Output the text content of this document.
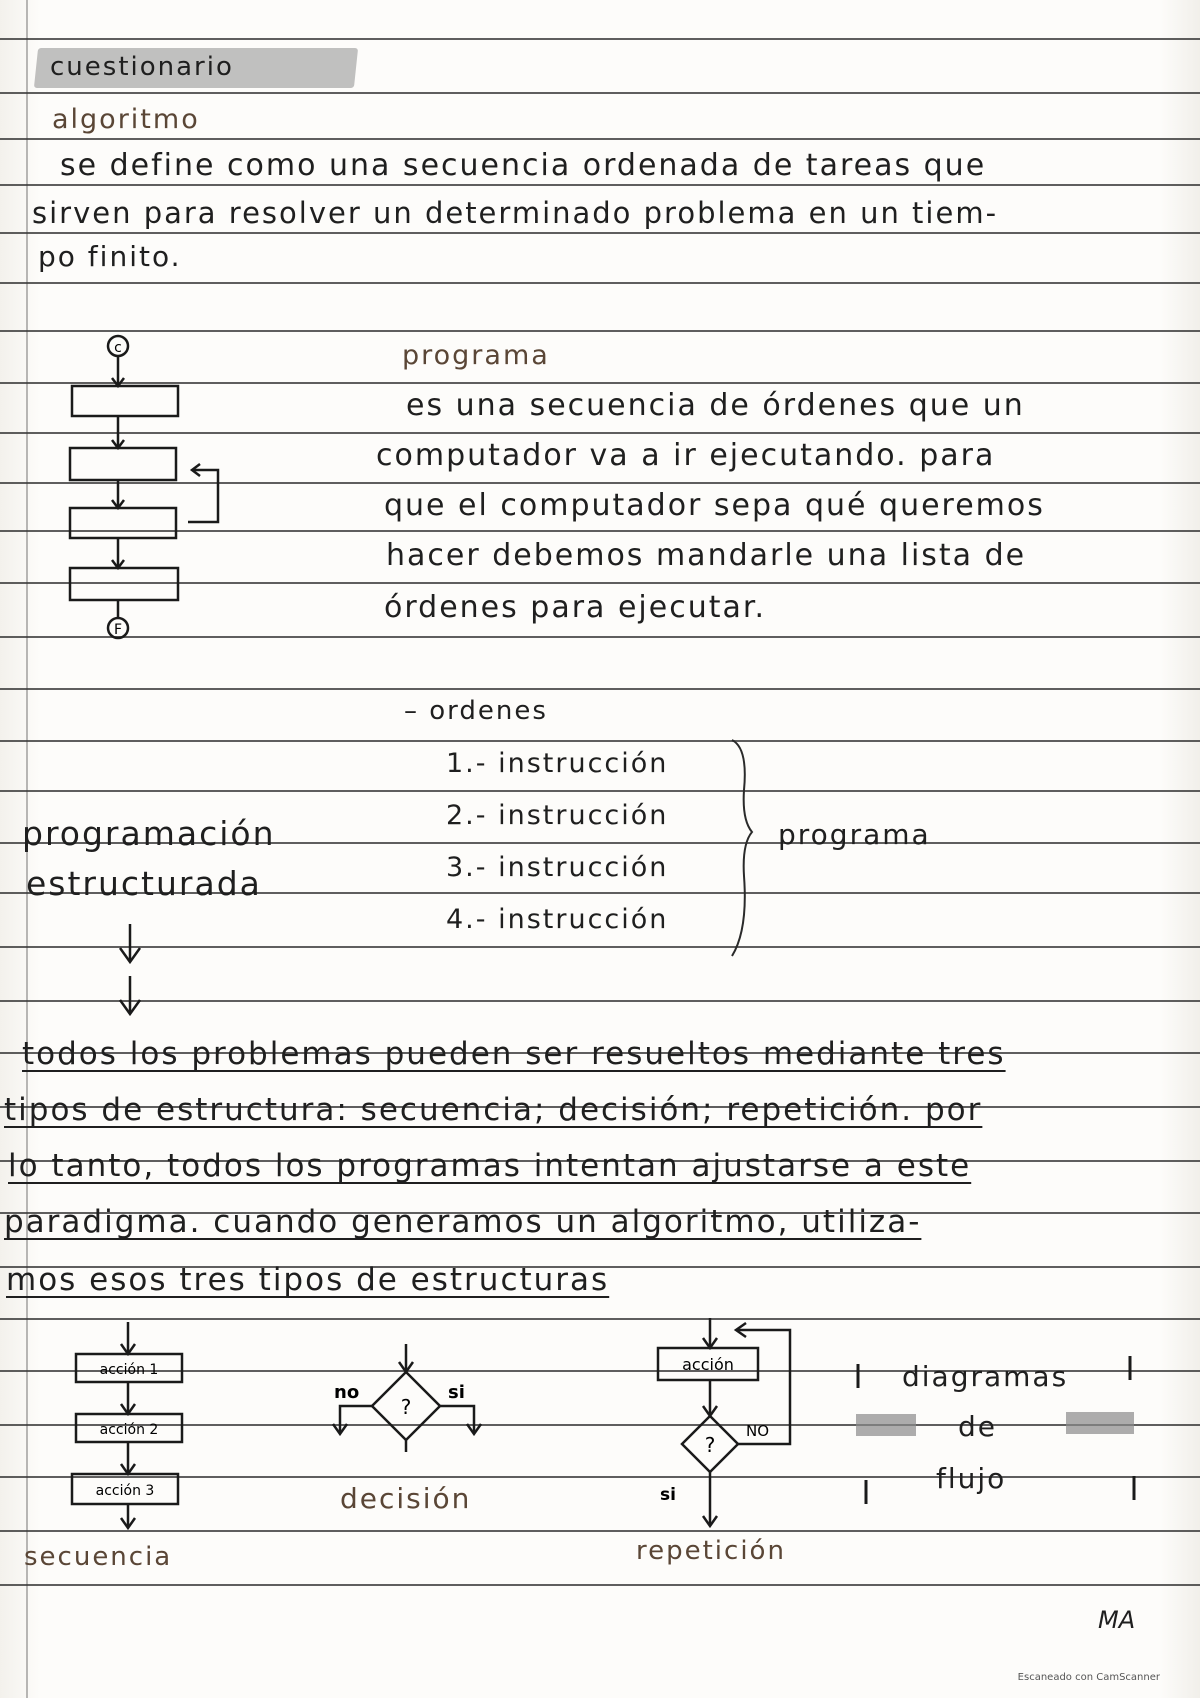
cuestionario
algoritmo
se define como una secuencia ordenada de tareas que
sirven para resolver un determinado problema en un tiem-
po finito.
c
F
programa
es una secuencia de órdenes que un
computador va a ir ejecutando. para
que el computador sepa qué queremos
hacer debemos mandarle una lista de
órdenes para ejecutar.
– ordenes
1.- instrucción
2.- instrucción
3.- instrucción
4.- instrucción
programa
programación
estructurada
todos los problemas pueden ser resueltos mediante tres
tipos de estructura: secuencia; decisión; repetición. por
lo tanto, todos los programas intentan ajustarse a este
paradigma. cuando generamos un algoritmo, utiliza-
mos esos tres tipos de estructuras
acción 1
acción 2
acción 3
?
no	si
acción
?
NO
si
decisión
secuencia	repetición
diagramas
de
flujo
MA
Escaneado con CamScanner
